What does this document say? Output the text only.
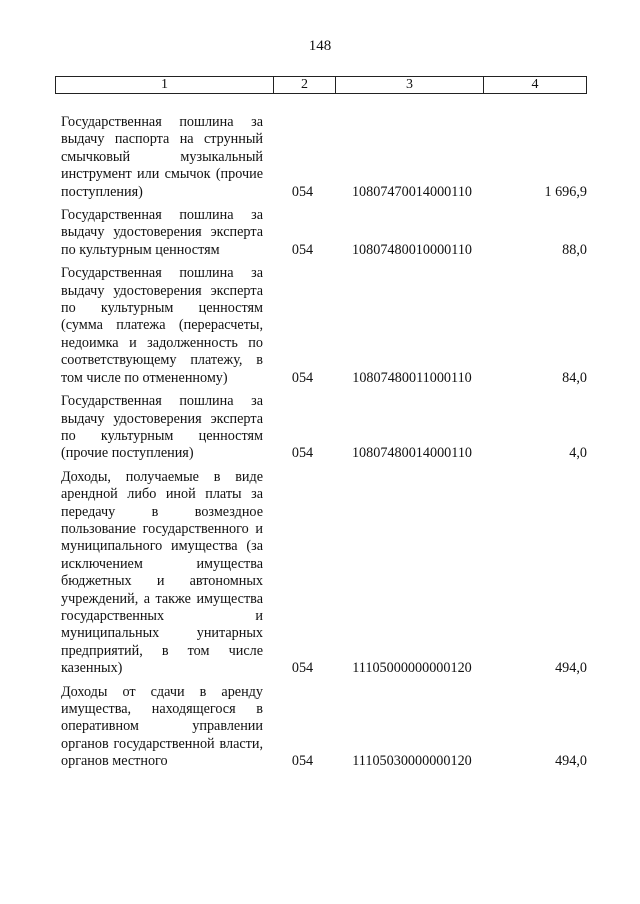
148
1	2	3	4
Государственная пошлина за выдачу паспорта на струнный смычковый музыкальный инструмент или смычок (прочие поступления)	054	10807470014000110	1 696,9
Государственная пошлина за выдачу удостоверения эксперта по культурным ценностям	054	10807480010000110	88,0
Государственная пошлина за выдачу удостоверения эксперта по культурным ценностям (сумма платежа (перерасчеты, недоимка и задолженность по соответствующему платежу, в том числе по отмененному)	054	10807480011000110	84,0
Государственная пошлина за выдачу удостоверения эксперта по культурным ценностям (прочие поступления)	054	10807480014000110	4,0
Доходы, получаемые в виде арендной либо иной платы за передачу в возмездное пользование государственного и муниципального имущества (за исключением имущества бюджетных и автономных учреждений, а также имущества государственных и муниципальных унитарных предприятий, в том числе казенных)	054	11105000000000120	494,0
Доходы от сдачи в аренду имущества, находящегося в оперативном управлении органов государственной власти, органов местного	054	11105030000000120	494,0
